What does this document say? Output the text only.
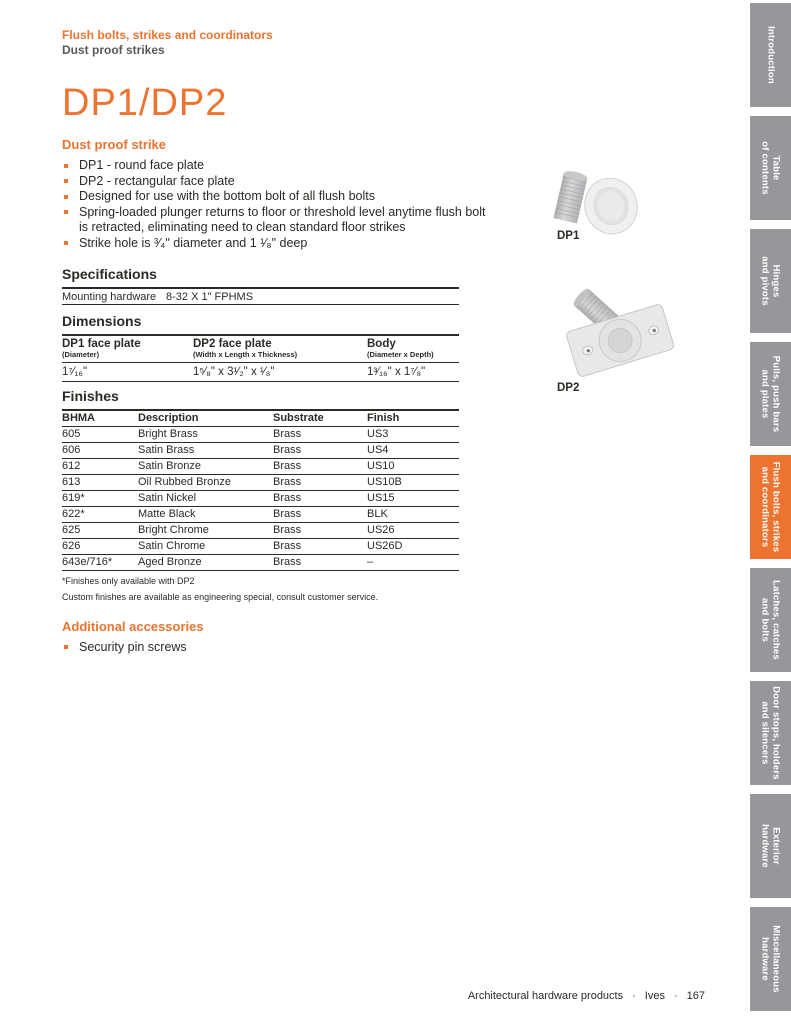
Flush bolts, strikes and coordinators
Dust proof strikes
DP1/DP2
Dust proof strike
DP1 - round face plate
DP2 - rectangular face plate
Designed for use with the bottom bolt of all flush bolts
Spring-loaded plunger returns to floor or threshold level anytime flush bolt is retracted, eliminating need to clean standard floor strikes
Strike hole is ³⁄₄" diameter and 1 ¹⁄₈" deep
Specifications
Mounting hardware	8-32 X 1" FPHMS
Dimensions
DP1 face plate	DP2 face plate	Body
(Diameter)	(Width x Length x Thickness)	(Diameter x Depth)
1⁷⁄₁₆"	1⁵⁄₈" x 3¹⁄₂" x ¹⁄₈"	1³⁄₁₆" x 1⁷⁄₈"
Finishes
BHMA	Description	Substrate	Finish
605	Bright Brass	Brass	US3
606	Satin Brass	Brass	US4
612	Satin Bronze	Brass	US10
613	Oil Rubbed Bronze	Brass	US10B
619*	Satin Nickel	Brass	US15
622*	Matte Black	Brass	BLK
625	Bright Chrome	Brass	US26
626	Satin Chrome	Brass	US26D
643e/716*	Aged Bronze	Brass	–
*Finishes only available with DP2
Custom finishes are available as engineering special, consult customer service.
Additional accessories
Security pin screws
DP1
DP2
Architectural hardware products · Ives · 167
Introduction
Table
of contents
Hinges
and pivots
Pulls, push bars
and plates
Flush bolts, strikes
and coordinators
Latches, catches
and bolts
Door stops, holders
and silencers
Exterior
hardware
Miscellaneous
hardware
